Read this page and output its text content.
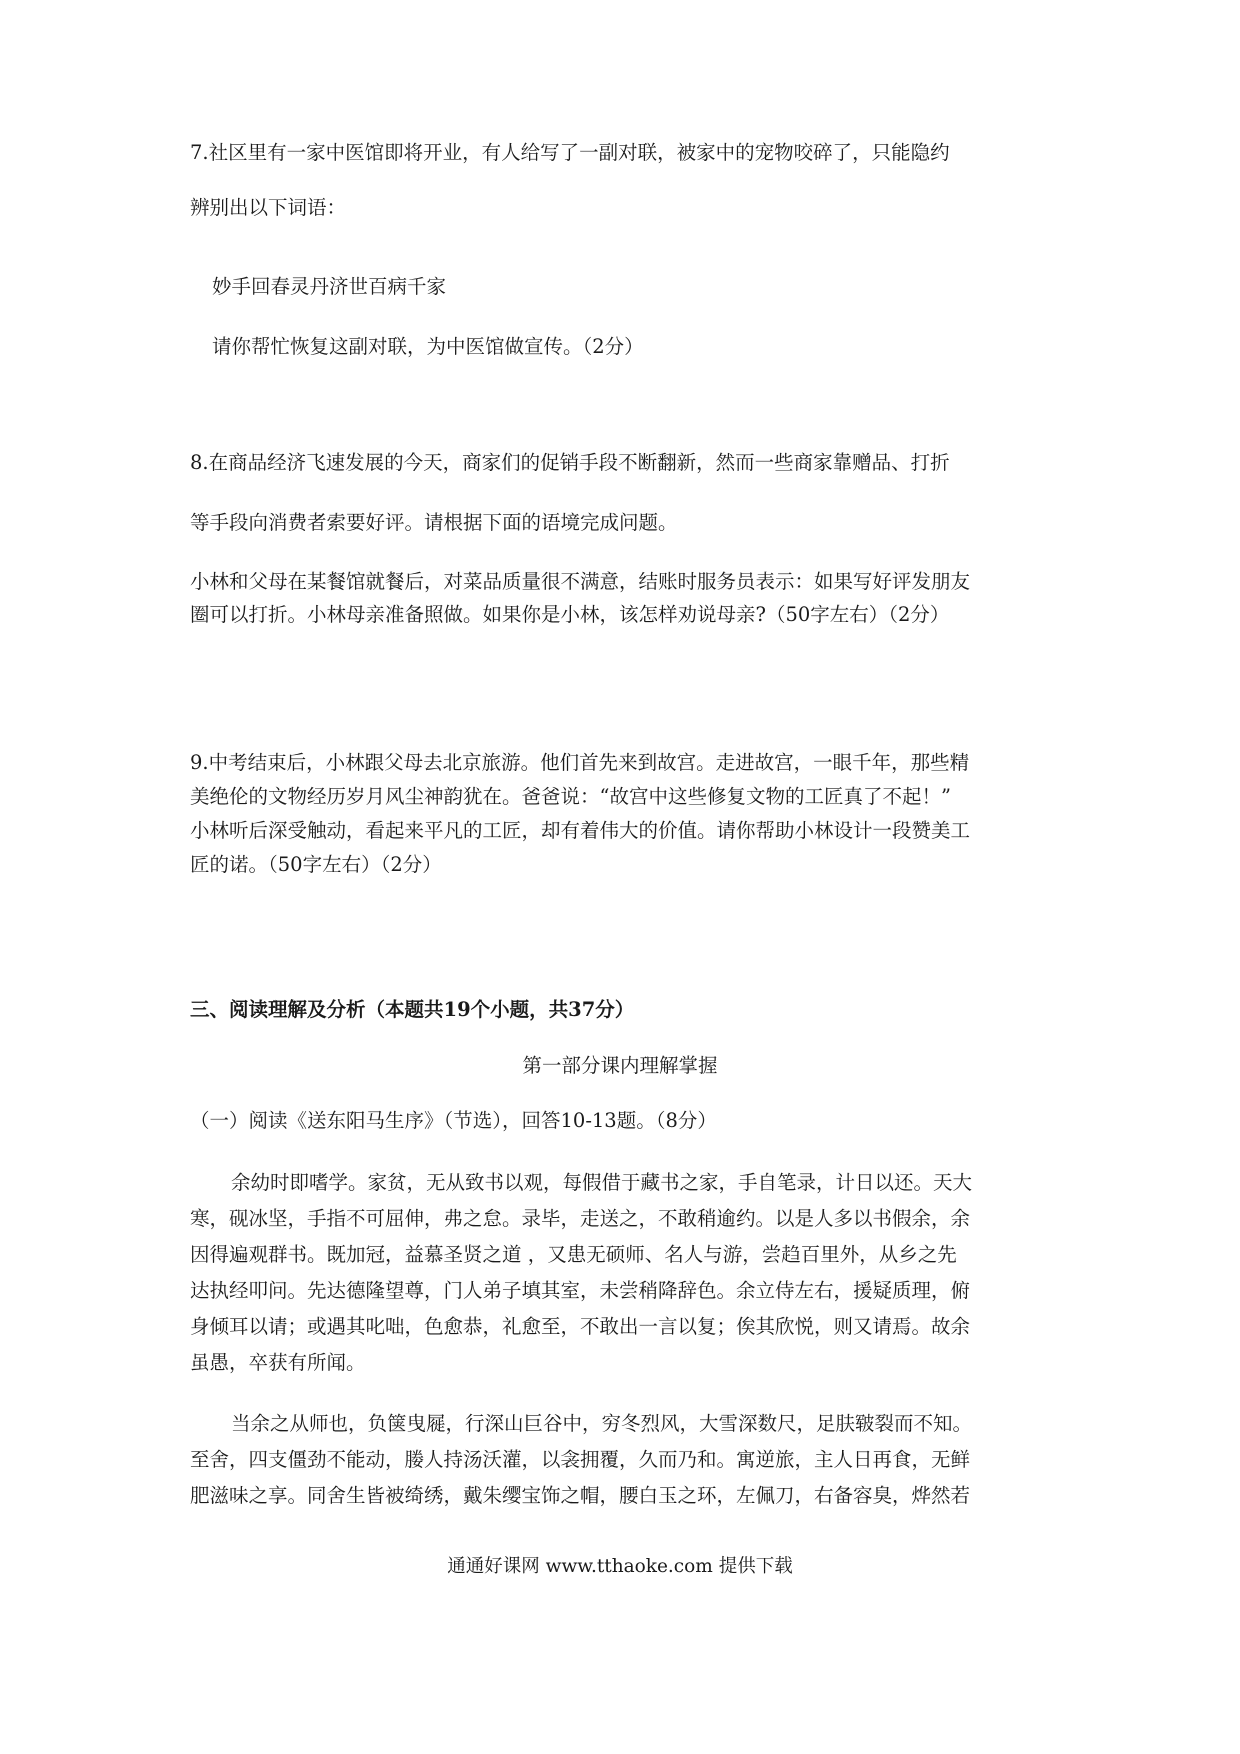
7.社区里有一家中医馆即将开业，有人给写了一副对联，被家中的宠物咬碎了，只能隐约
辨别出以下词语：
妙手回春灵丹济世百病千家
请你帮忙恢复这副对联，为中医馆做宣传。（2分）
8.在商品经济飞速发展的今天，商家们的促销手段不断翻新，然而一些商家靠赠品、打折
等手段向消费者索要好评。请根据下面的语境完成问题。
小林和父母在某餐馆就餐后，对菜品质量很不满意，结账时服务员表示：如果写好评发朋友
圈可以打折。小林母亲准备照做。如果你是小林，该怎样劝说母亲?（50字左右）（2分）
9.中考结束后，小林跟父母去北京旅游。他们首先来到故宫。走进故宫，一眼千年，那些精
美绝伦的文物经历岁月风尘神韵犹在。爸爸说：“故宫中这些修复文物的工匠真了不起！”
小林听后深受触动，看起来平凡的工匠，却有着伟大的价值。请你帮助小林设计一段赞美工
匠的诺。（50字左右）（2分）
三、阅读理解及分析（本题共19个小题，共37分）
第一部分课内理解掌握
（一）阅读《送东阳马生序》（节选），回答10-13题。（8分）
余幼时即嗜学。家贫，无从致书以观，每假借于藏书之家，手自笔录，计日以还。天大
寒，砚冰坚，手指不可屈伸，弗之怠。录毕，走送之，不敢稍逾约。以是人多以书假余，余
因得遍观群书。既加冠，益慕圣贤之道 ，又患无硕师、名人与游，尝趋百里外，从乡之先
达执经叩问。先达德隆望尊，门人弟子填其室，未尝稍降辞色。余立侍左右，援疑质理，俯
身倾耳以请；或遇其叱咄，色愈恭，礼愈至，不敢出一言以复；俟其欣悦，则又请焉。故余
虽愚，卒获有所闻。
当余之从师也，负箧曳屣，行深山巨谷中，穷冬烈风，大雪深数尺，足肤皲裂而不知。
至舍，四支僵劲不能动，媵人持汤沃灌，以衾拥覆，久而乃和。寓逆旅，主人日再食，无鲜
肥滋味之享。同舍生皆被绮绣，戴朱缨宝饰之帽，腰白玉之环，左佩刀，右备容臭，烨然若
通通好课网 www.tthaoke.com 提供下载
